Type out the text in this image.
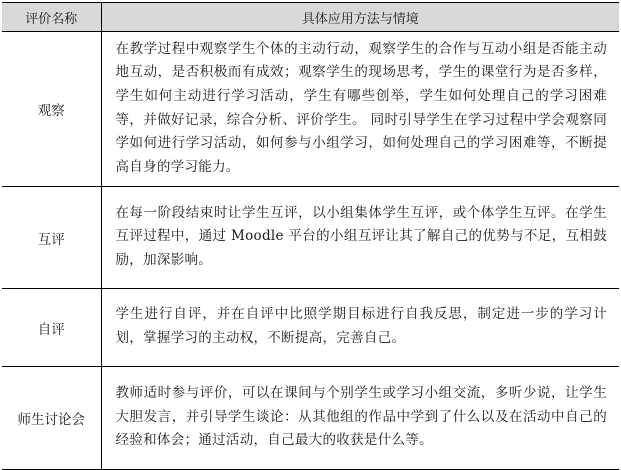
评价名称	具体应用方法与情境
观察	在教学过程中观察学生个体的主动行动，观察学生的合作与互动小组是否能主动地互动，是否积极而有成效；观察学生的现场思考，学生的课堂行为是否多样，学生如何主动进行学习活动，学生有哪些创举，学生如何处理自己的学习困难等，并做好记录，综合分析、评价学生。 同时引导学生在学习过程中学会观察同学如何进行学习活动，如何参与小组学习，如何处理自己的学习困难等，不断提高自身的学习能力。
互评	在每一阶段结束时让学生互评，以小组集体学生互评，或个体学生互评。在学生互评过程中，通过 Moodle 平台的小组互评让其了解自己的优势与不足，互相鼓励，加深影响。
自评	学生进行自评，并在自评中比照学期目标进行自我反思，制定进一步的学习计划，掌握学习的主动权，不断提高，完善自己。
师生讨论会	教师适时参与评价，可以在课间与个别学生或学习小组交流，多听少说，让学生大胆发言，并引导学生谈论：从其他组的作品中学到了什么以及在活动中自己的经验和体会；通过活动，自己最大的收获是什么等。
